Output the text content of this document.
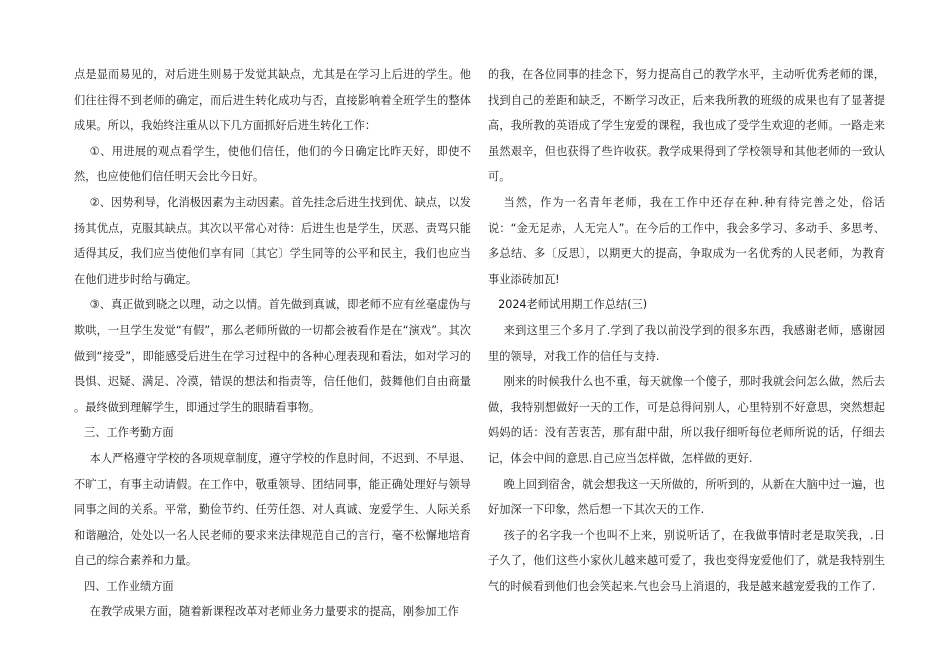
点是显而易见的，对后进生则易于发觉其缺点，尤其是在学习上后进的学生。他们往往得不到老师的确定，而后进生转化成功与否，直接影响着全班学生的整体成果。所以，我始终注重从以下几方面抓好后进生转化工作：

①、用进展的观点看学生，使他们信任，他们的今日确定比昨天好，即使不然，也应使他们信任明天会比今日好。

②、因势利导，化消极因素为主动因素。首先挂念后进生找到优、缺点，以发扬其优点，克服其缺点。其次以平常心对待：后进生也是学生，厌恶、责骂只能适得其反，我们应当使他们享有同〔其它〕学生同等的公平和民主，我们也应当在他们进步时给与确定。

③、真正做到晓之以理，动之以情。首先做到真诚，即老师不应有丝毫虚伪与欺哄，一旦学生发觉“有假”，那么老师所做的一切都会被看作是在“演戏”。其次做到“接受”，即能感受后进生在学习过程中的各种心理表现和看法，如对学习的畏惧、迟疑、满足、冷漠，错误的想法和指责等，信任他们，鼓舞他们自由商量 。最终做到理解学生，即通过学生的眼睛看事物。

三、工作考勤方面

本人严格遵守学校的各项规章制度，遵守学校的作息时间，不迟到、不早退、不旷工，有事主动请假。在工作中，敬重领导、团结同事，能正确处理好与领导同事之间的关系。平常，勤俭节约、任劳任怨、对人真诚、宠爱学生、人际关系和谐融洽，处处以一名人民老师的要求来法律规范自己的言行，毫不松懈地培育自己的综合素养和力量。

四、工作业绩方面

在教学成果方面，随着新课程改革对老师业务力量要求的提高，刚参加工作

的我，在各位同事的挂念下，努力提高自己的教学水平，主动听优秀老师的课，找到自己的差距和缺乏，不断学习改正，后来我所教的班级的成果也有了显著提高，我所教的英语成了学生宠爱的课程，我也成了受学生欢迎的老师。一路走来虽然艰辛，但也获得了些许收获。教学成果得到了学校领导和其他老师的一致认可。

当然，作为一名青年老师，我在工作中还存在种.种有待完善之处，俗话说：“金无足赤，人无完人”。在今后的工作中，我会多学习、多动手、多思考、多总结、多〔反思〕，以期更大的提高，争取成为一名优秀的人民老师，为教育事业添砖加瓦!

2024老师试用期工作总结(三)

来到这里三个多月了.学到了我以前没学到的很多东西，我感谢老师，感谢园里的领导，对我工作的信任与支持.

刚来的时候我什么也不重，每天就像一个傻子，那时我就会问怎么做，然后去做，我特别想做好一天的工作，可是总得问别人，心里特别不好意思，突然想起妈妈的话：没有苦衷苦，那有甜中甜，所以我仔细听每位老师所说的话，仔细去记，体会中间的意思.自己应当怎样做，怎样做的更好.

晚上回到宿舍，就会想我这一天所做的，所听到的，从新在大脑中过一遍，也好加深一下印象，然后想一下其次天的工作.

孩子的名字我一个也叫不上来，别说听话了，在我做事情时老是取笑我，.日子久了，他们这些小家伙儿越来越可爱了，我也变得宠爱他们了，就是我特别生气的时候看到他们也会笑起来.气也会马上消退的，我是越来越宠爱我的工作了.
